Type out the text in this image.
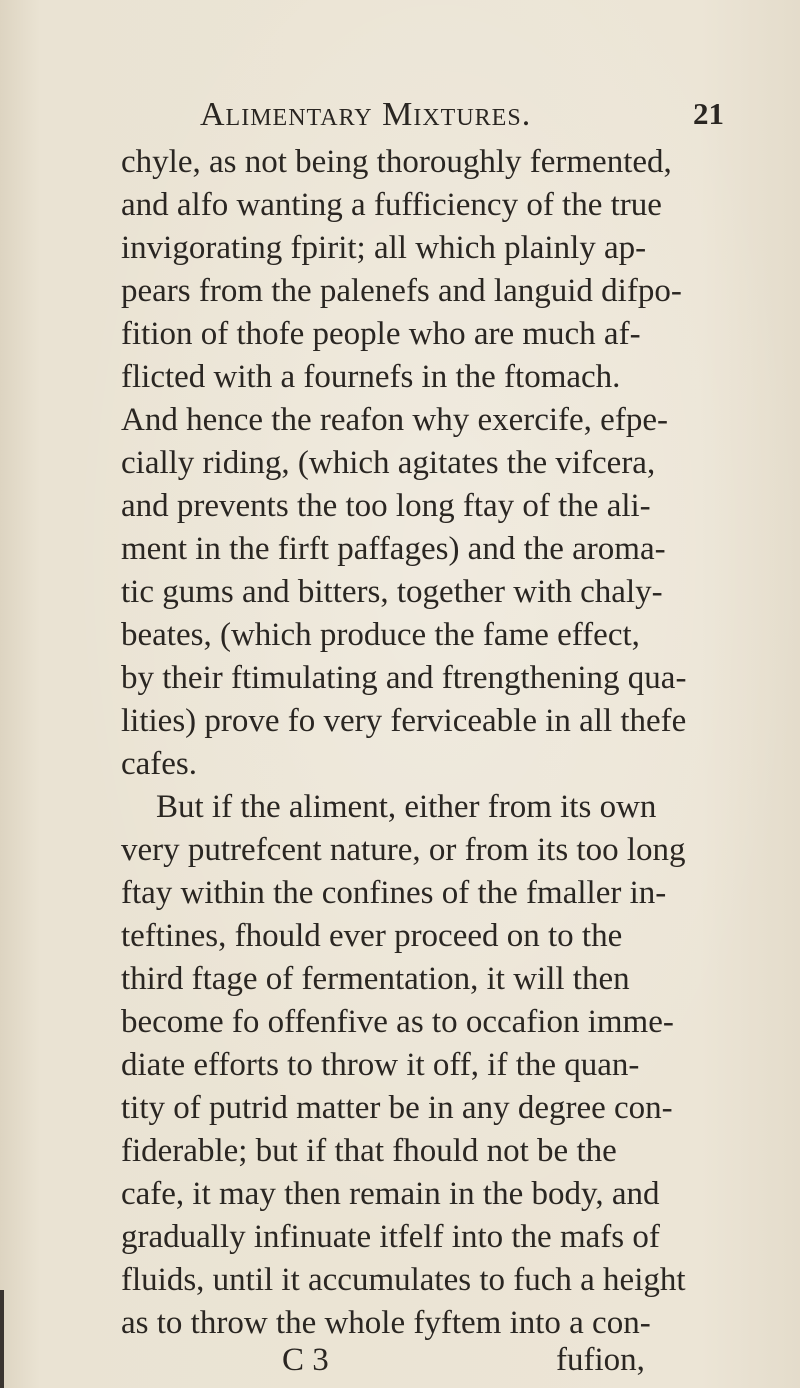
Alimentary Mixtures.	21
chyle, as not being thoroughly fermented,
and alfo wanting a fufficiency of the true
invigorating fpirit; all which plainly ap-
pears from the palenefs and languid difpo-
fition of thofe people who are much af-
flicted with a fournefs in the ftomach.
And hence the reafon why exercife, efpe-
cially riding, (which agitates the vifcera,
and prevents the too long ftay of the ali-
ment in the firft paffages) and the aroma-
tic gums and bitters, together with chaly-
beates, (which produce the fame effect,
by their ftimulating and ftrengthening qua-
lities) prove fo very ferviceable in all thefe
cafes.
But if the aliment, either from its own
very putrefcent nature, or from its too long
ftay within the confines of the fmaller in-
teftines, fhould ever proceed on to the
third ftage of fermentation, it will then
become fo offenfive as to occafion imme-
diate efforts to throw it off, if the quan-
tity of putrid matter be in any degree con-
fiderable; but if that fhould not be the
cafe, it may then remain in the body, and
gradually infinuate itfelf into the mafs of
fluids, until it accumulates to fuch a height
as to throw the whole fyftem into a con-
C 3	fufion,
